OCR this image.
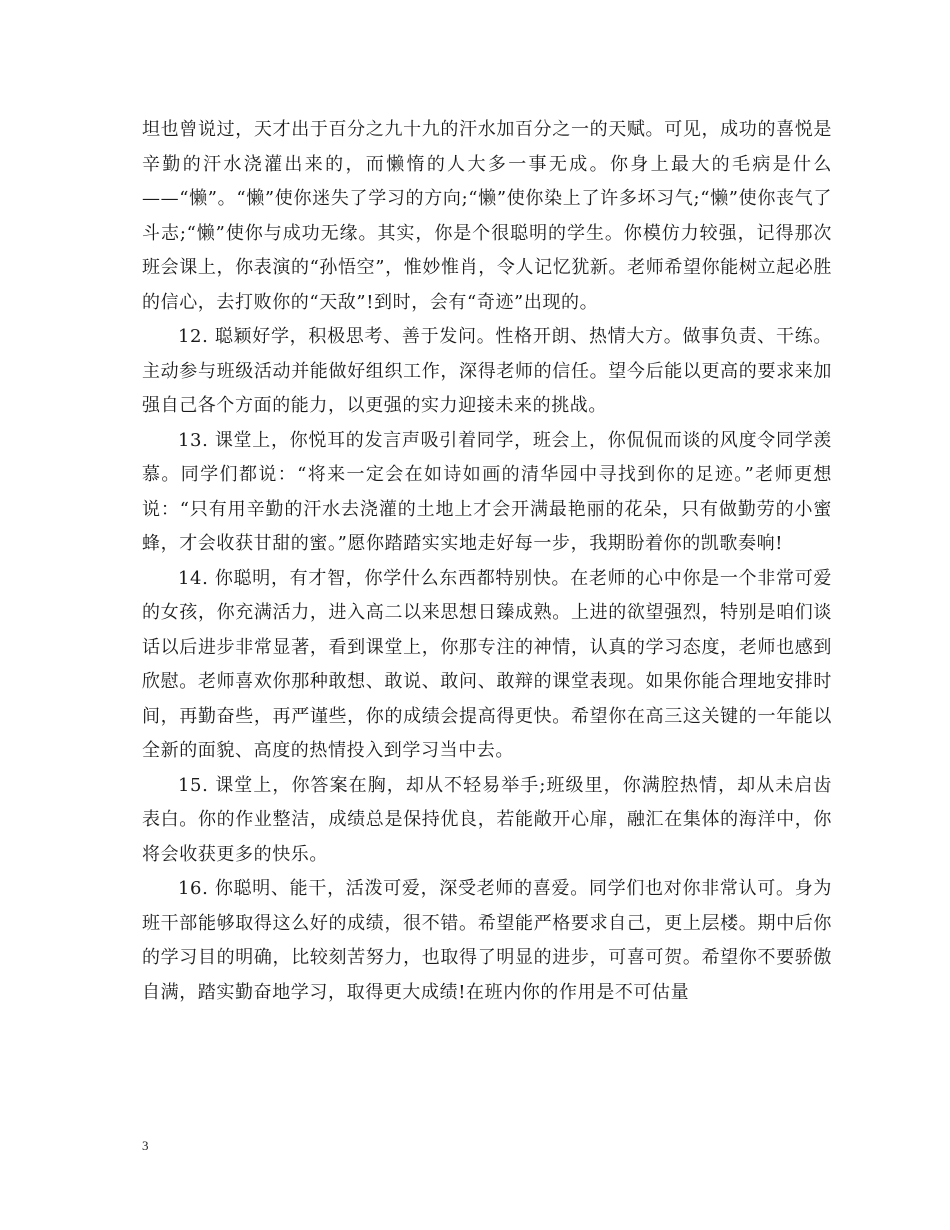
坦也曾说过，天才出于百分之九十九的汗水加百分之一的天赋。可见，成功的喜悦是辛勤的汗水浇灌出来的，而懒惰的人大多一事无成。你身上最大的毛病是什么——“懒”。“懒”使你迷失了学习的方向;“懒”使你染上了许多坏习气;“懒”使你丧气了斗志;“懒”使你与成功无缘。其实，你是个很聪明的学生。你模仿力较强，记得那次班会课上，你表演的“孙悟空”，惟妙惟肖，令人记忆犹新。老师希望你能树立起必胜的信心，去打败你的“天敌”!到时，会有“奇迹”出现的。

12. 聪颖好学，积极思考、善于发问。性格开朗、热情大方。做事负责、干练。主动参与班级活动并能做好组织工作，深得老师的信任。望今后能以更高的要求来加强自己各个方面的能力，以更强的实力迎接未来的挑战。

13. 课堂上，你悦耳的发言声吸引着同学，班会上，你侃侃而谈的风度令同学羡慕。同学们都说：“将来一定会在如诗如画的清华园中寻找到你的足迹。”老师更想说：“只有用辛勤的汗水去浇灌的土地上才会开满最艳丽的花朵，只有做勤劳的小蜜蜂，才会收获甘甜的蜜。”愿你踏踏实实地走好每一步，我期盼着你的凯歌奏响!

14. 你聪明，有才智，你学什么东西都特别快。在老师的心中你是一个非常可爱的女孩，你充满活力，进入高二以来思想日臻成熟。上进的欲望强烈，特别是咱们谈话以后进步非常显著，看到课堂上，你那专注的神情，认真的学习态度，老师也感到欣慰。老师喜欢你那种敢想、敢说、敢问、敢辩的课堂表现。如果你能合理地安排时间，再勤奋些，再严谨些，你的成绩会提高得更快。希望你在高三这关键的一年能以全新的面貌、高度的热情投入到学习当中去。

15. 课堂上，你答案在胸，却从不轻易举手;班级里，你满腔热情，却从未启齿表白。你的作业整洁，成绩总是保持优良，若能敞开心扉，融汇在集体的海洋中，你将会收获更多的快乐。

16. 你聪明、能干，活泼可爱，深受老师的喜爱。同学们也对你非常认可。身为班干部能够取得这么好的成绩，很不错。希望能严格要求自己，更上层楼。期中后你的学习目的明确，比较刻苦努力，也取得了明显的进步，可喜可贺。希望你不要骄傲自满，踏实勤奋地学习，取得更大成绩!在班内你的作用是不可估量

3
